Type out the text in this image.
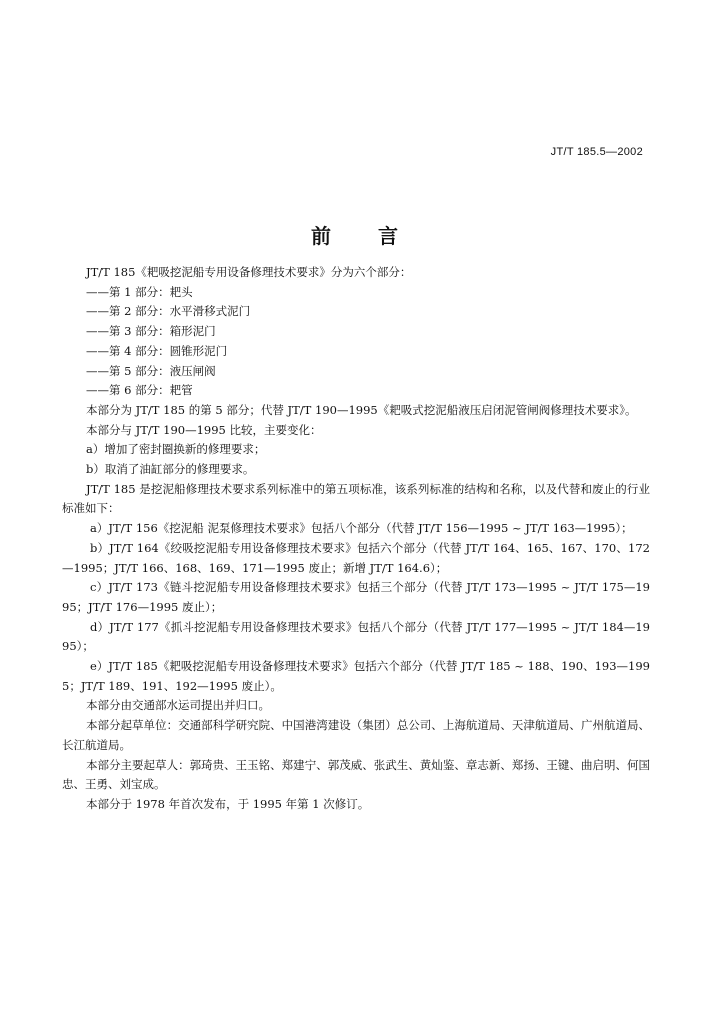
JT/T 185.5—2002
前 言

JT/T 185《耙吸挖泥船专用设备修理技术要求》分为六个部分：

——第 1 部分：耙头

——第 2 部分：水平滑移式泥门

——第 3 部分：箱形泥门

——第 4 部分：圆锥形泥门

——第 5 部分：液压闸阀

——第 6 部分：耙管

本部分为 JT/T 185 的第 5 部分；代替 JT/T 190—1995《耙吸式挖泥船液压启闭泥管闸阀修理技术要求》。

本部分与 JT/T 190—1995 比较，主要变化：

a）增加了密封圈换新的修理要求；

b）取消了油缸部分的修理要求。

JT/T 185 是挖泥船修理技术要求系列标准中的第五项标准，该系列标准的结构和名称，以及代替和废止的行业标准如下：

a）JT/T 156《挖泥船 泥泵修理技术要求》包括八个部分（代替 JT/T 156—1995 ~ JT/T 163—1995）；

b）JT/T 164《绞吸挖泥船专用设备修理技术要求》包括六个部分（代替 JT/T 164、165、167、170、172—1995；JT/T 166、168、169、171—1995 废止；新增 JT/T 164.6）；

c）JT/T 173《链斗挖泥船专用设备修理技术要求》包括三个部分（代替 JT/T 173—1995 ~ JT/T 175—1995；JT/T 176—1995 废止）；

d）JT/T 177《抓斗挖泥船专用设备修理技术要求》包括八个部分（代替 JT/T 177—1995 ~ JT/T 184—1995）；

e）JT/T 185《耙吸挖泥船专用设备修理技术要求》包括六个部分（代替 JT/T 185 ~ 188、190、193—1995；JT/T 189、191、192—1995 废止）。

本部分由交通部水运司提出并归口。

本部分起草单位：交通部科学研究院、中国港湾建设（集团）总公司、上海航道局、天津航道局、广州航道局、长江航道局。

本部分主要起草人：郭琦贵、王玉铭、郑建宁、郭茂威、张武生、黄灿鉴、章志新、郑扬、王键、曲启明、何国忠、王勇、刘宝成。

本部分于 1978 年首次发布，于 1995 年第 1 次修订。
